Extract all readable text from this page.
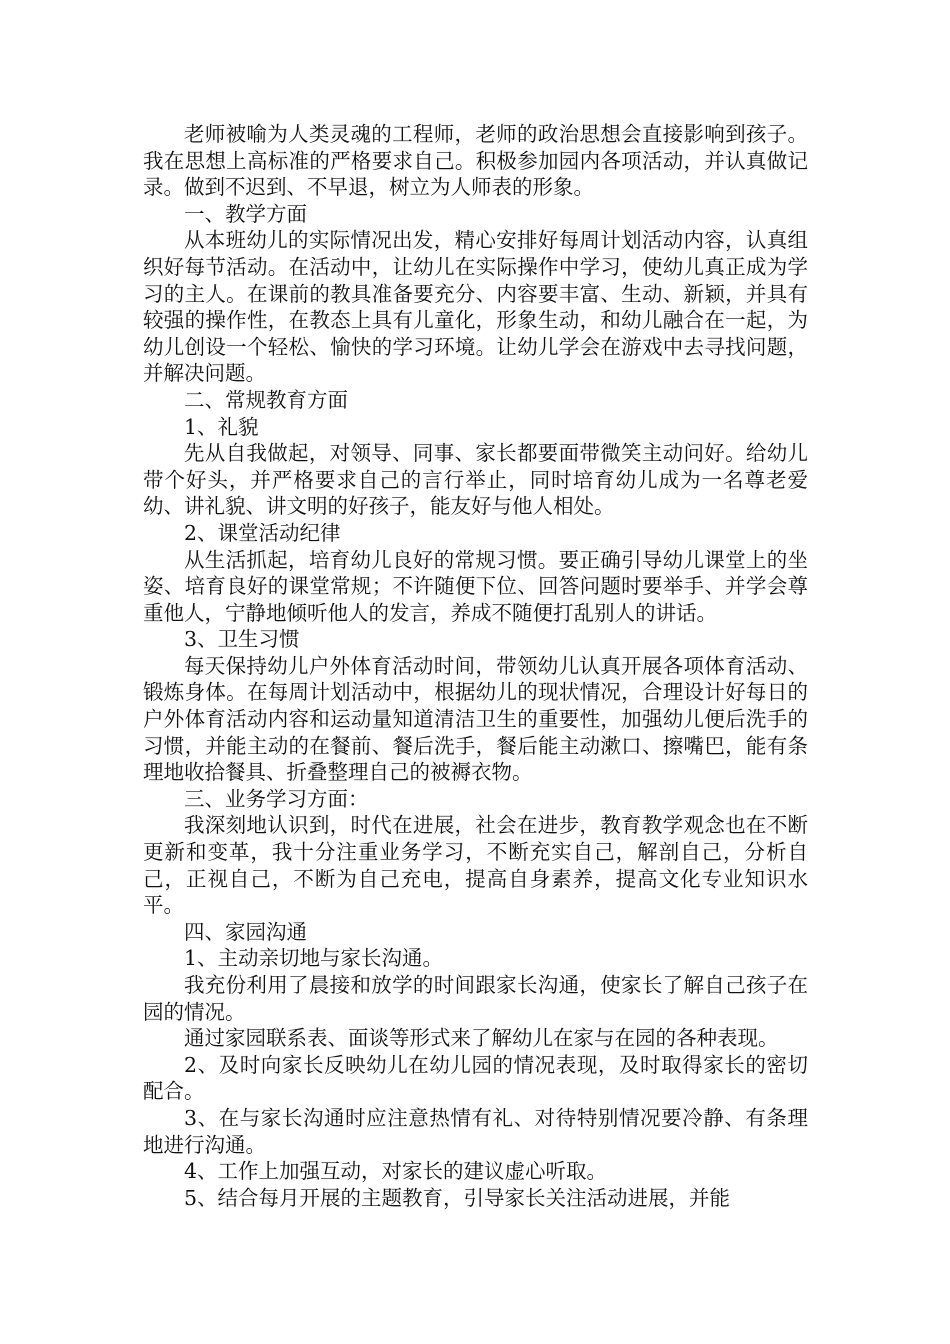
老师被喻为人类灵魂的工程师，老师的政治思想会直接影响到孩子。我在思想上高标准的严格要求自己。积极参加园内各项活动，并认真做记录。做到不迟到、不早退，树立为人师表的形象。

一、教学方面

从本班幼儿的实际情况出发，精心安排好每周计划活动内容，认真组织好每节活动。在活动中，让幼儿在实际操作中学习，使幼儿真正成为学习的主人。在课前的教具准备要充分、内容要丰富、生动、新颖，并具有较强的操作性，在教态上具有儿童化，形象生动，和幼儿融合在一起，为幼儿创设一个轻松、愉快的学习环境。让幼儿学会在游戏中去寻找问题，并解决问题。

二、常规教育方面

1、礼貌

先从自我做起，对领导、同事、家长都要面带微笑主动问好。给幼儿带个好头，并严格要求自己的言行举止，同时培育幼儿成为一名尊老爱幼、讲礼貌、讲文明的好孩子，能友好与他人相处。

2、课堂活动纪律

从生活抓起，培育幼儿良好的常规习惯。要正确引导幼儿课堂上的坐姿、培育良好的课堂常规；不许随便下位、回答问题时要举手、并学会尊重他人，宁静地倾听他人的发言，养成不随便打乱别人的讲话。

3、卫生习惯

每天保持幼儿户外体育活动时间，带领幼儿认真开展各项体育活动、锻炼身体。在每周计划活动中，根据幼儿的现状情况，合理设计好每日的户外体育活动内容和运动量知道清洁卫生的重要性，加强幼儿便后洗手的习惯，并能主动的在餐前、餐后洗手，餐后能主动漱口、擦嘴巴，能有条理地收拾餐具、折叠整理自己的被褥衣物。

三、业务学习方面：

我深刻地认识到，时代在进展，社会在进步，教育教学观念也在不断更新和变革，我十分注重业务学习，不断充实自己，解剖自己，分析自己，正视自己，不断为自己充电，提高自身素养，提高文化专业知识水平。

四、家园沟通

1、主动亲切地与家长沟通。

我充份利用了晨接和放学的时间跟家长沟通，使家长了解自己孩子在园的情况。

通过家园联系表、面谈等形式来了解幼儿在家与在园的各种表现。

2、及时向家长反映幼儿在幼儿园的情况表现，及时取得家长的密切配合。

3、在与家长沟通时应注意热情有礼、对待特别情况要冷静、有条理地进行沟通。

4、工作上加强互动，对家长的建议虚心听取。

5、结合每月开展的主题教育，引导家长关注活动进展，并能
